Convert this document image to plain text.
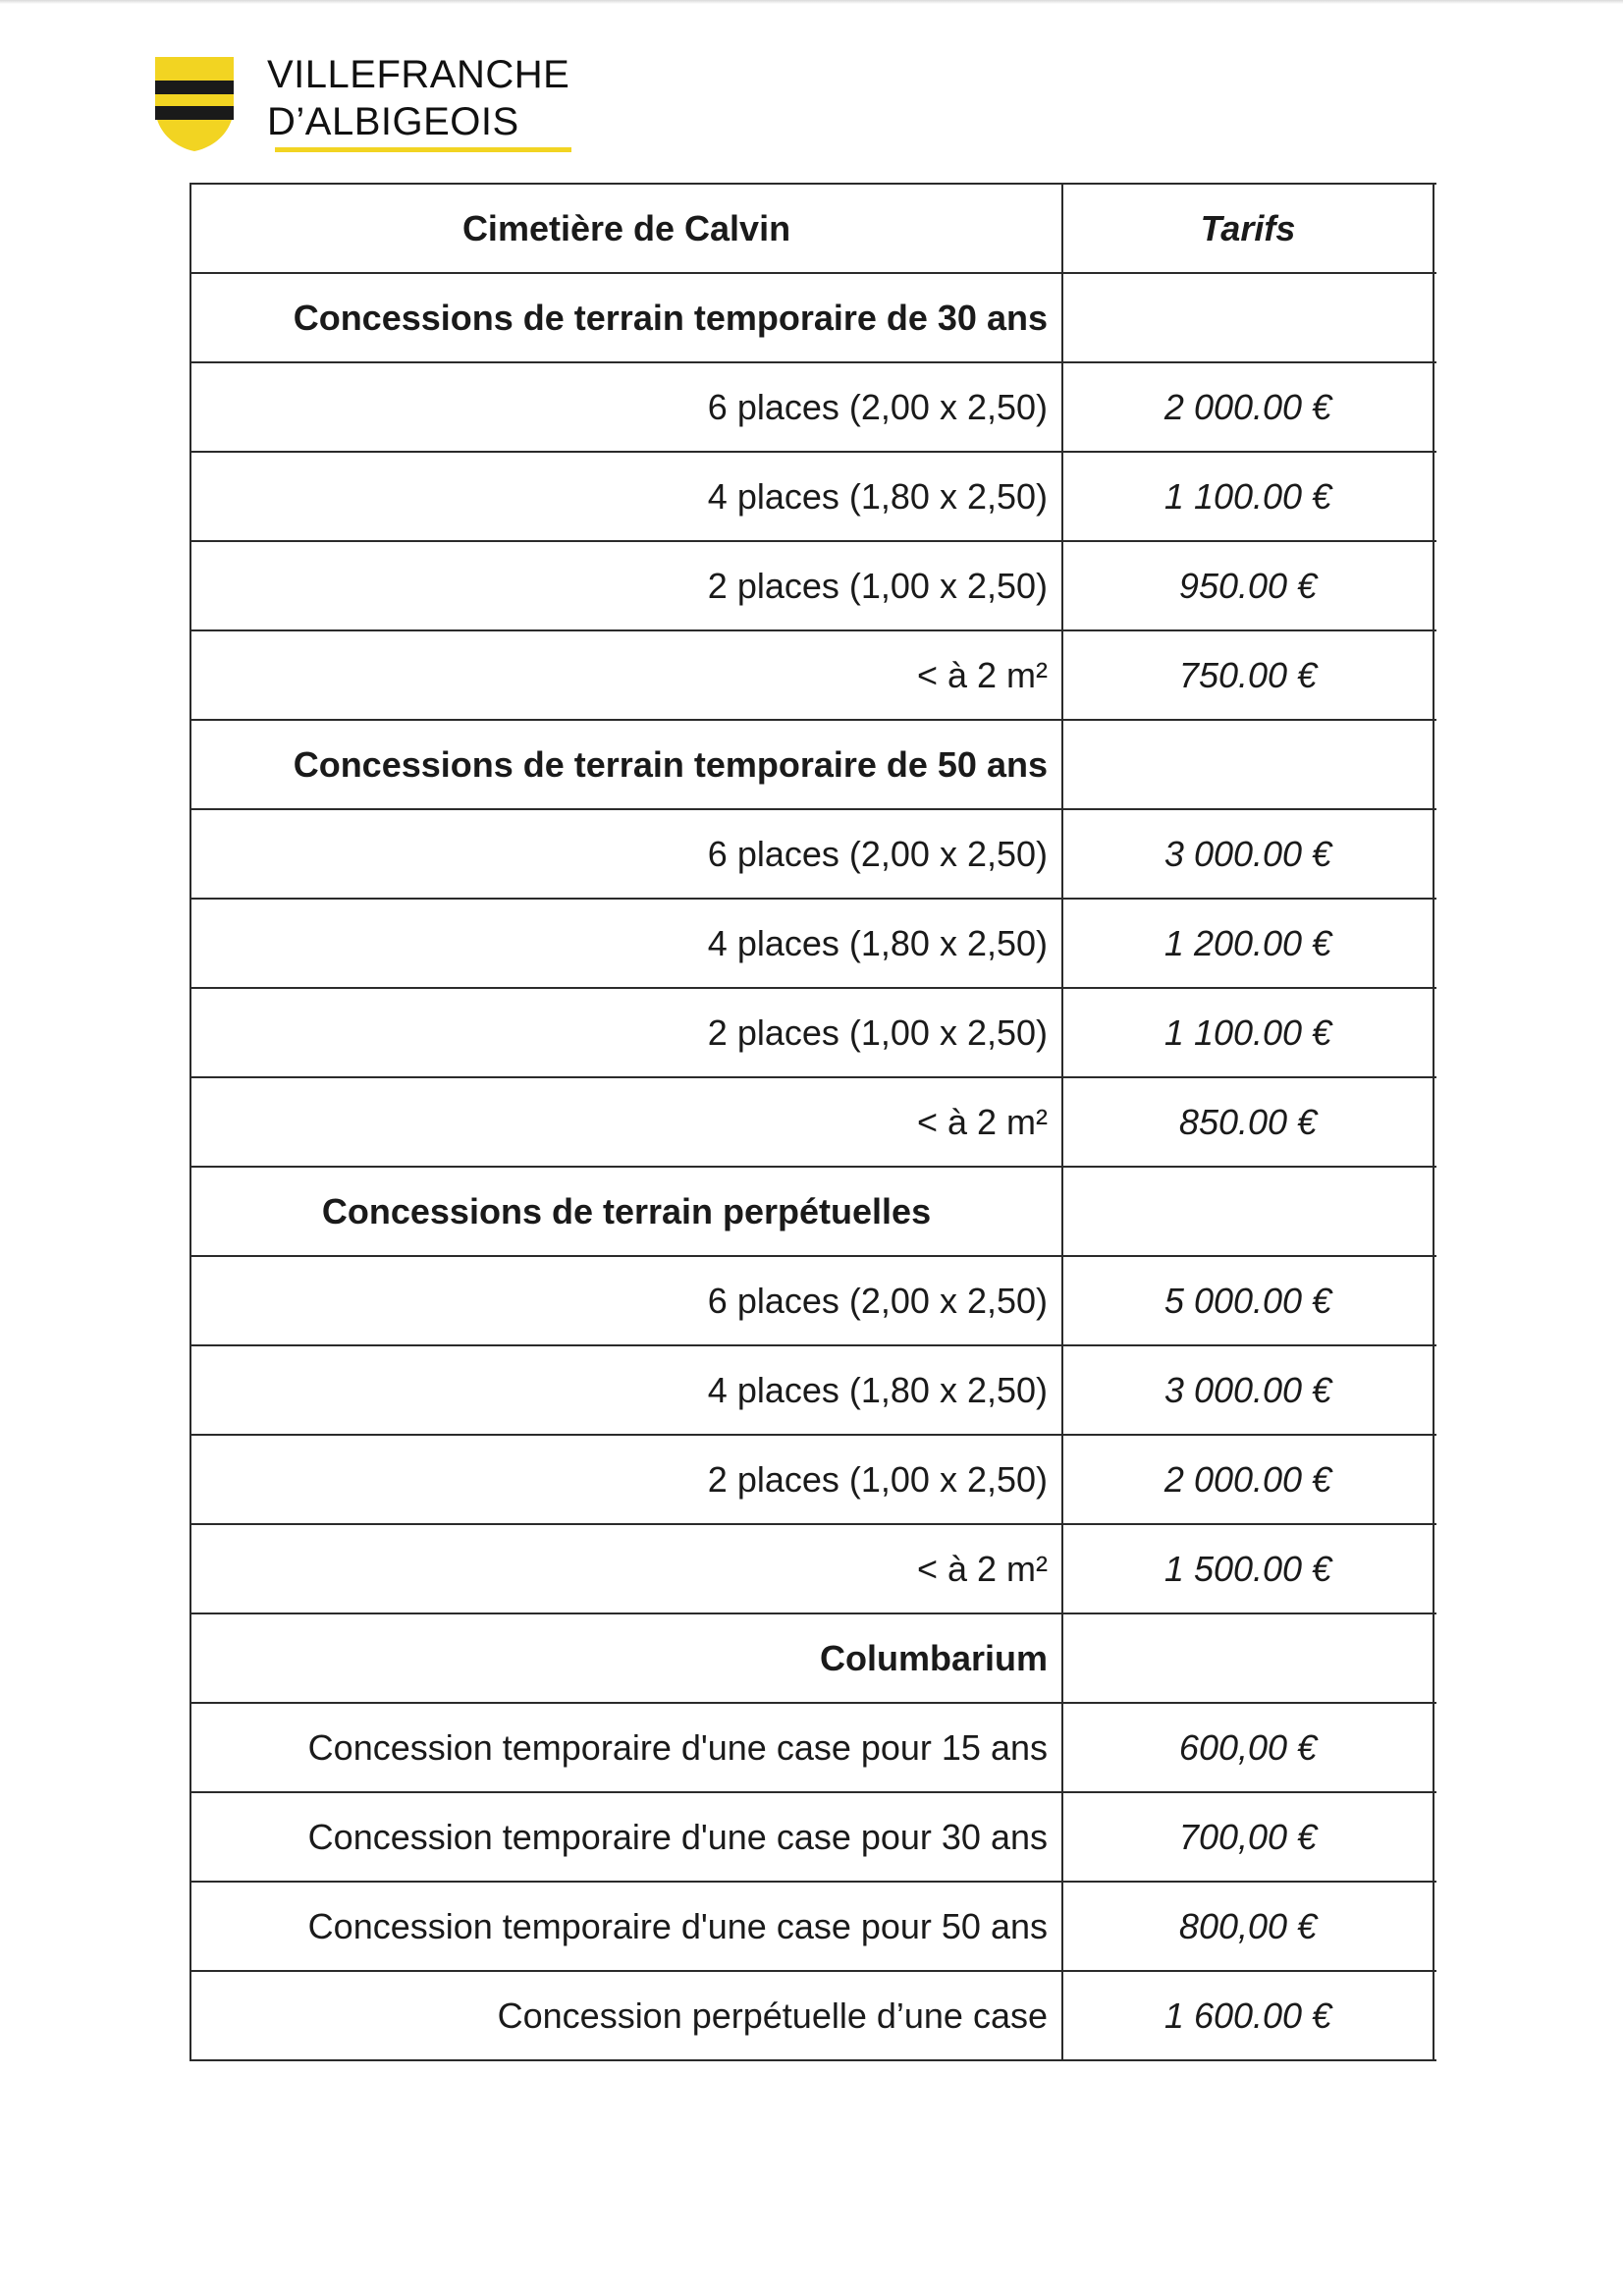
VILLEFRANCHE
D’ALBIGEOIS
Cimetière de Calvin	Tarifs
Concessions de terrain temporaire de 30 ans
6 places (2,00 x 2,50)	2 000.00 €
4 places (1,80 x 2,50)	1 100.00 €
2 places (1,00 x 2,50)	950.00 €
< à 2 m²	750.00 €
Concessions de terrain temporaire de 50 ans
6 places (2,00 x 2,50)	3 000.00 €
4 places (1,80 x 2,50)	1 200.00 €
2 places (1,00 x 2,50)	1 100.00 €
< à 2 m²	850.00 €
Concessions de terrain perpétuelles
6 places (2,00 x 2,50)	5 000.00 €
4 places (1,80 x 2,50)	3 000.00 €
2 places (1,00 x 2,50)	2 000.00 €
< à 2 m²	1 500.00 €
Columbarium
Concession temporaire d'une case pour 15 ans	600,00 €
Concession temporaire d'une case pour 30 ans	700,00 €
Concession temporaire d'une case pour 50 ans	800,00 €
Concession perpétuelle d’une case	1 600.00 €
